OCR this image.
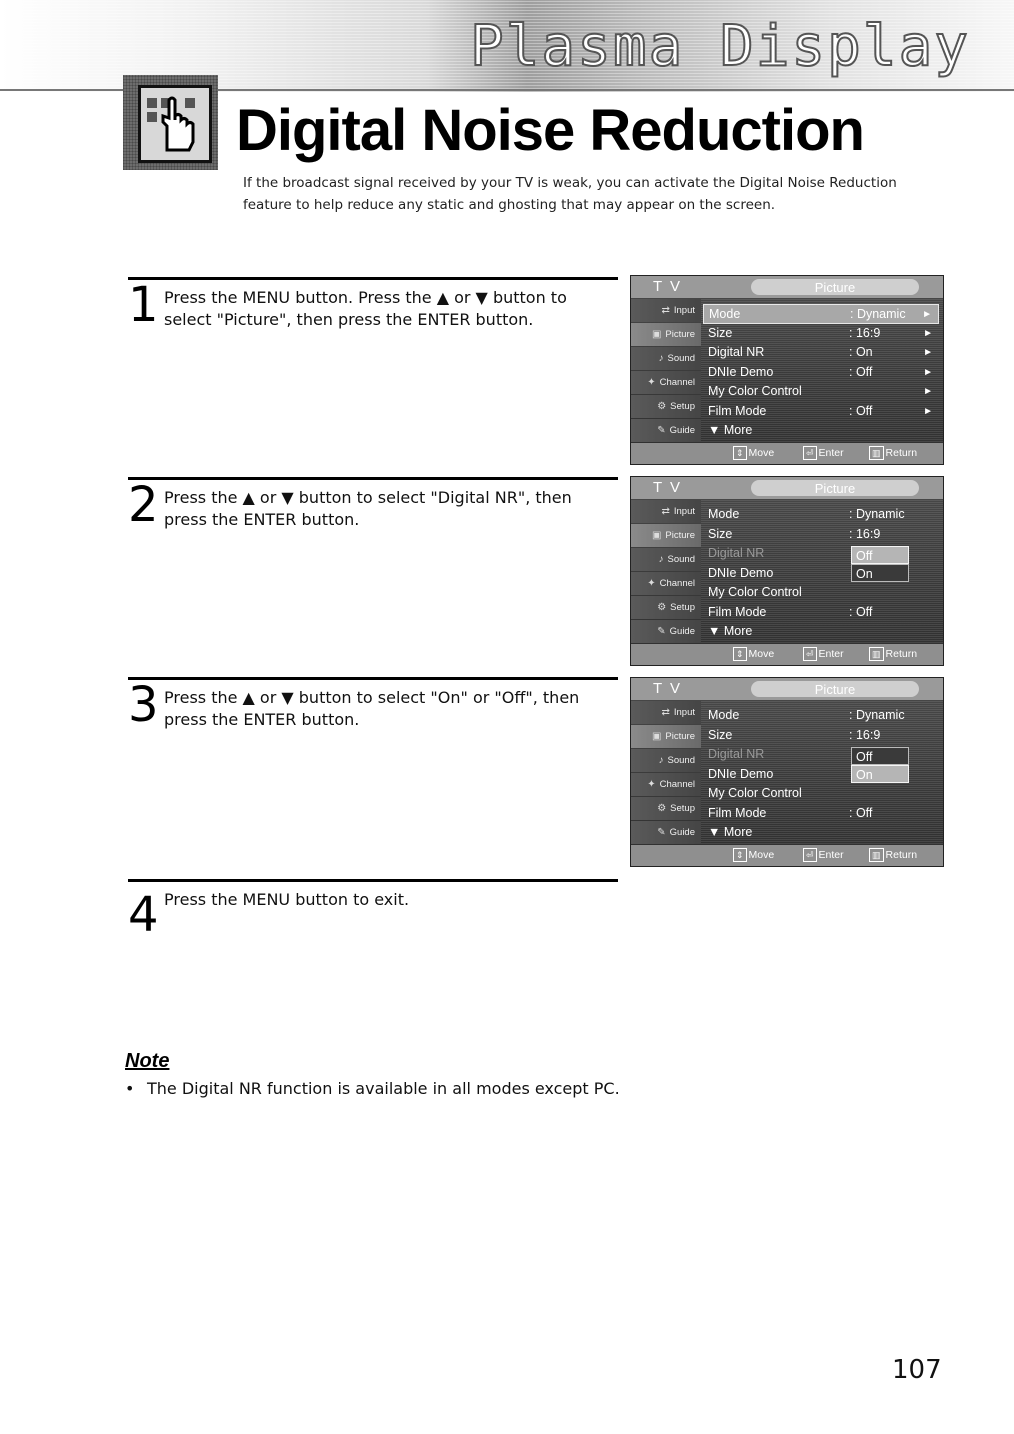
Plasma Display
Digital Noise Reduction

If the broadcast signal received by your TV is weak, you can activate the Digital Noise Reduction feature to help reduce any static and ghosting that may appear on the screen.

1 Press the MENU button. Press the ▲ or ▼ button to select "Picture", then press the ENTER button.

T V	Picture
⇄ Input
▣ Picture
♪ Sound
✦ Channel
⚙ Setup
✎ Guide
Mode	: Dynamic ►
Size	: 16:9	►
Digital NR	: On	►
DNIe Demo	: Off	►
My Color Control	►
Film Mode	: Off	►
▼ More
⇕ Move	⏎ Enter	▥ Return
2 Press the ▲ or ▼ button to select "Digital NR", then press the ENTER button.

T V	Picture
⇄ Input
▣ Picture
♪ Sound
✦ Channel
⚙ Setup
✎ Guide
Mode	: Dynamic
Size	: 16:9
Digital NR
DNIe Demo
My Color Control
Film Mode	: Off
▼ More
Off
On
⇕ Move	⏎ Enter	▥ Return
3 Press the ▲ or ▼ button to select "On" or "Off", then press the ENTER button.

T V	Picture
⇄ Input
▣ Picture
♪ Sound
✦ Channel
⚙ Setup
✎ Guide
Mode	: Dynamic
Size	: 16:9
Digital NR
DNIe Demo
My Color Control
Film Mode	: Off
▼ More
Off
On
⇕ Move	⏎ Enter	▥ Return
4 Press the MENU button to exit.

Note
• The Digital NR function is available in all modes except PC.
107
